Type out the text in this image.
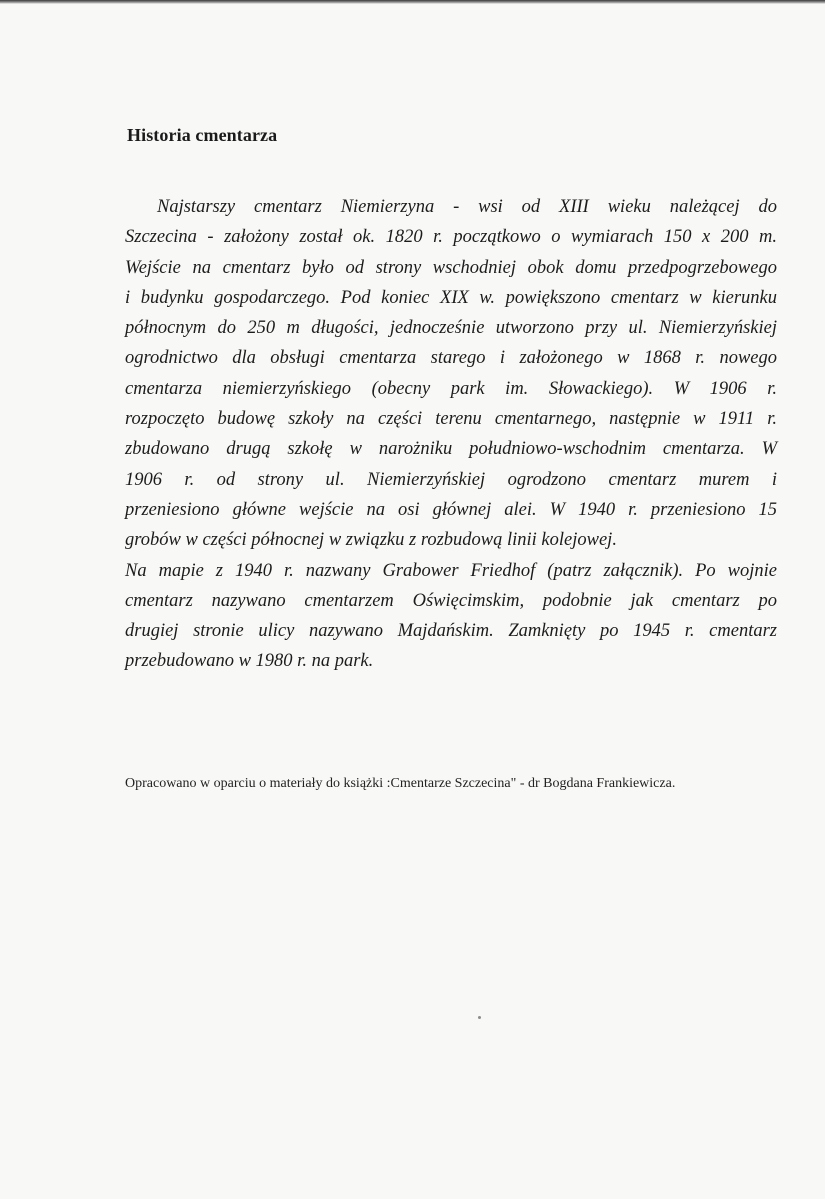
Historia cmentarza

Najstarszy cmentarz Niemierzyna - wsi od XIII wieku należącej do
Szczecina - założony został ok. 1820 r. początkowo o wymiarach 150 x 200 m.
Wejście na cmentarz było od strony wschodniej obok domu przedpogrzebowego
i budynku gospodarczego. Pod koniec XIX w. powiększono cmentarz w kierunku
północnym do 250 m długości, jednocześnie utworzono przy ul. Niemierzyńskiej
ogrodnictwo dla obsługi cmentarza starego i założonego w 1868 r. nowego
cmentarza niemierzyńskiego (obecny park im. Słowackiego). W 1906 r.
rozpoczęto budowę szkoły na części terenu cmentarnego, następnie w 1911 r.
zbudowano drugą szkołę w narożniku południowo-wschodnim cmentarza. W
1906 r. od strony ul. Niemierzyńskiej ogrodzono cmentarz murem i
przeniesiono główne wejście na osi głównej alei. W 1940 r. przeniesiono 15
grobów w części północnej w związku z rozbudową linii kolejowej.

Na mapie z 1940 r. nazwany Grabower Friedhof (patrz załącznik). Po wojnie
cmentarz nazywano cmentarzem Oświęcimskim, podobnie jak cmentarz po
drugiej stronie ulicy nazywano Majdańskim. Zamknięty po 1945 r. cmentarz
przebudowano w 1980 r. na park.

Opracowano w oparciu o materiały do książki :Cmentarze Szczecina" - dr Bogdana Frankiewicza.
